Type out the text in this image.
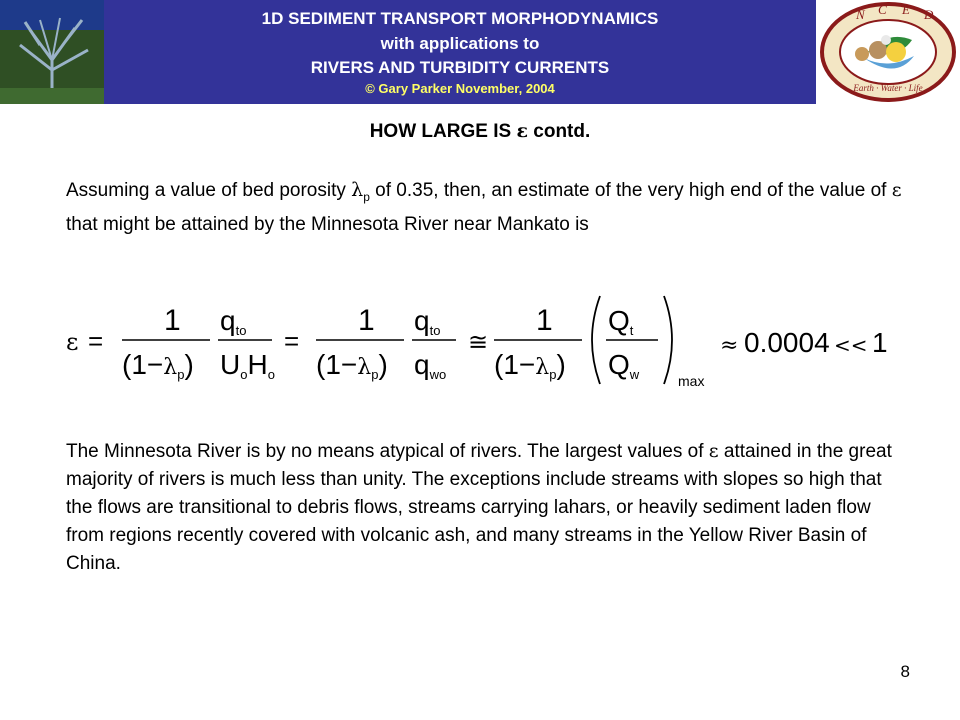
1D SEDIMENT TRANSPORT MORPHODYNAMICS
with applications to
RIVERS AND TURBIDITY CURRENTS
© Gary Parker November, 2004
N C E D
Earth · Water · Life
HOW LARGE IS ε contd.
Assuming a value of bed porosity $\lambda_p$ of 0.35, then, an estimate of the very high end of the value of ε that might be attained by the Minnesota River near Mankato is
ε =
1
(1−λp)
qto
UoHo
=
1
(1−λp)
qto
qwo
≅
1
(1−λp)
Qt
Qw	max
≈ 0.0004 << 1
The Minnesota River is by no means atypical of rivers. The largest values of ε attained in the great majority of rivers is much less than unity. The exceptions include streams with slopes so high that the flows are transitional to debris flows, streams carrying lahars, or heavily sediment laden flow from regions recently covered with volcanic ash, and many streams in the Yellow River Basin of China.
8
